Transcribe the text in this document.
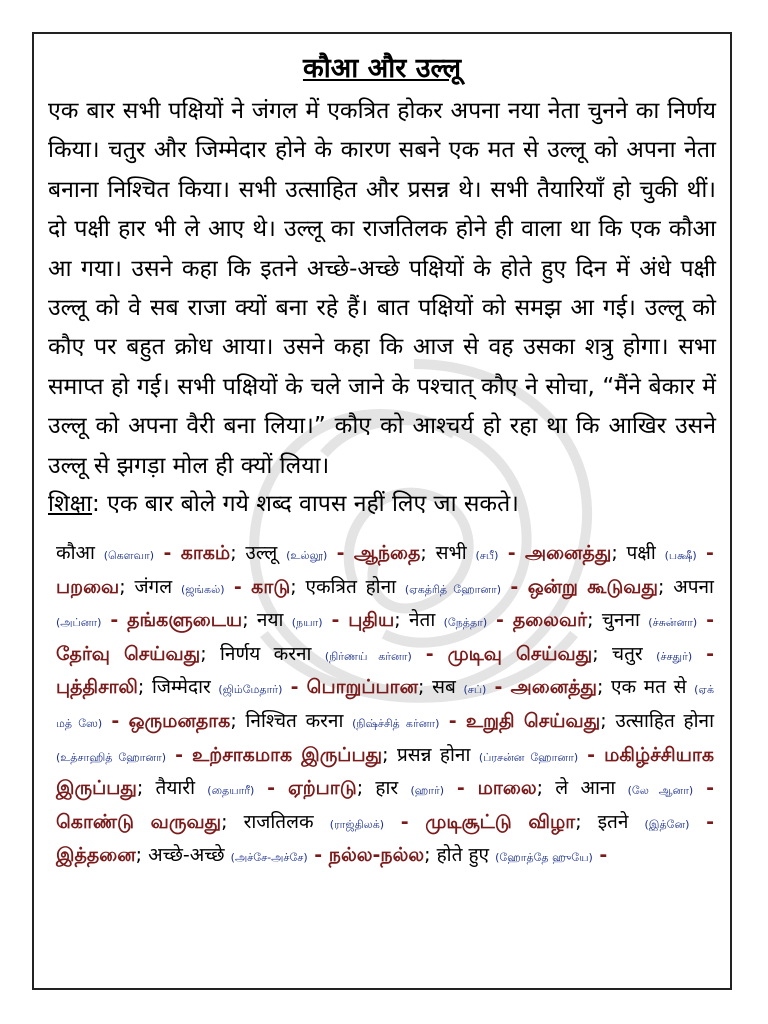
कौआ और उल्लू

एक बार सभी पक्षियों ने जंगल में एकत्रित होकर अपना नया नेता चुनने का निर्णय किया। चतुर और जिम्मेदार होने के कारण सबने एक मत से उल्लू को अपना नेता बनाना निश्चित किया। सभी उत्साहित और प्रसन्न थे। सभी तैयारियाँ हो चुकी थीं। दो पक्षी हार भी ले आए थे। उल्लू का राजतिलक होने ही वाला था कि एक कौआ आ गया। उसने कहा कि इतने अच्छे-अच्छे पक्षियों के होते हुए दिन में अंधे पक्षी उल्लू को वे सब राजा क्यों बना रहे हैं। बात पक्षियों को समझ आ गई। उल्लू को कौए पर बहुत क्रोध आया। उसने कहा कि आज से वह उसका शत्रु होगा। सभा समाप्त हो गई। सभी पक्षियों के चले जाने के पश्चात् कौए ने सोचा, “मैंने बेकार में उल्लू को अपना वैरी बना लिया।” कौए को आश्चर्य हो रहा था कि आखिर उसने उल्लू से झगड़ा मोल ही क्यों लिया।

शिक्षा: एक बार बोले गये शब्द वापस नहीं लिए जा सकते।

कौआ (கௌவா) - காகம்; उल्लू (உல்லூ) - ஆந்தை; सभी (சபீ) - அனைத்து; पक्षी (பக்ஷீ) - பறவை; जंगल (ஜங்கல்) - காடு; एकत्रित होना (ஏகத்ரித் ஹோனா) - ஒன்று கூடுவது; अपना (அப்னா) - தங்களுடைய; नया (நயா) - புதிய; नेता (நேத்தா) - தலைவர்; चुनना (ச்சுன்னா) - தேர்வு செய்வது; निर्णय करना (நிர்ணய் கர்னா) - முடிவு செய்வது; चतुर (ச்சதுர்) - புத்திசாலி; जिम्मेदार (ஜிம்மேதார்) - பொறுப்பான; सब (சப்) - அனைத்து; एक मत से (ஏக் மத் ஸே) - ஒருமனதாக; निश्चित करना (நிஷ்ச்சித் கர்னா) - உறுதி செய்வது; उत्साहित होना (உத்சாஹித் ஹோனா) - உற்சாகமாக இருப்பது; प्रसन्न होना (ப்ரசன்ன ஹோனா) - மகிழ்ச்சியாக இருப்பது; तैयारी (தையாரீ) - ஏற்பாடு; हार (ஹார்) - மாலை; ले आना (லே ஆனா) - கொண்டு வருவது; राजतिलक (ராஜ்திலக்) - முடிசூட்டு விழா; इतने (இத்னே) - இத்தனை; अच्छे-अच्छे (அச்சே-அச்சே) - நல்ல-நல்ல; होते हुए (ஹோத்தே ஹுயே) -
